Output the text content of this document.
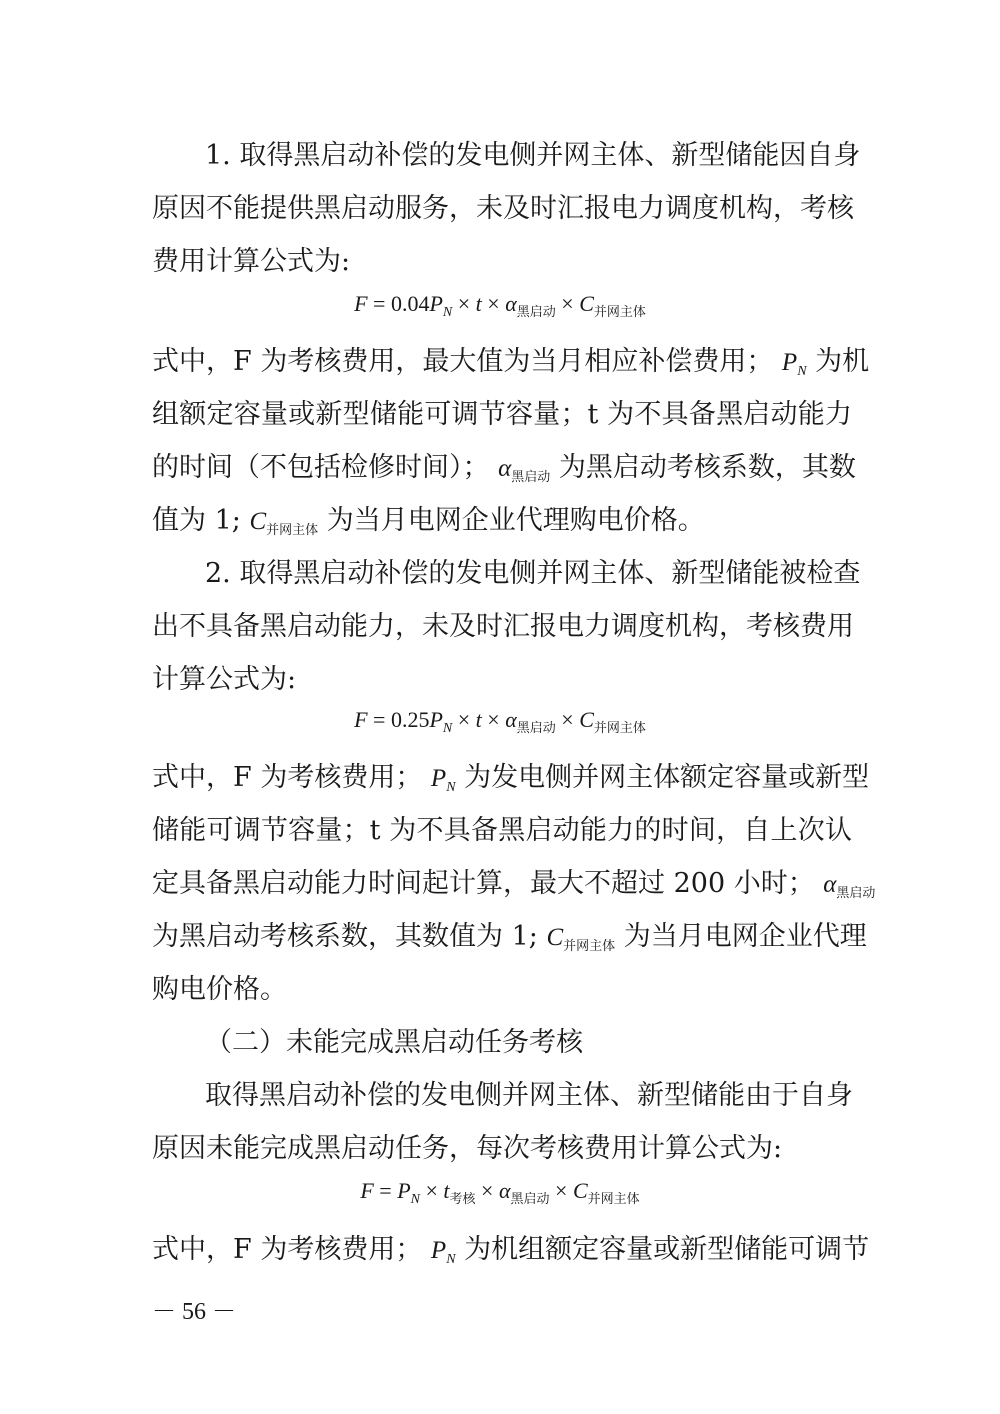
1. 取得黑启动补偿的发电侧并网主体、新型储能因自身
原因不能提供黑启动服务，未及时汇报电力调度机构，考核
费用计算公式为:
$F = 0.04P_N \times t \times \alpha_{黑启动} \times C_{并网主体}$
式中，F 为考核费用，最大值为当月相应补偿费用； $P_N$ 为机
组额定容量或新型储能可调节容量；t 为不具备黑启动能力
的时间（不包括检修时间）； $\alpha_{黑启动}$ 为黑启动考核系数，其数
值为 1; $C_{并网主体}$ 为当月电网企业代理购电价格。
2. 取得黑启动补偿的发电侧并网主体、新型储能被检查
出不具备黑启动能力，未及时汇报电力调度机构，考核费用
计算公式为:
$F = 0.25P_N \times t \times \alpha_{黑启动} \times C_{并网主体}$
式中，F 为考核费用； $P_N$ 为发电侧并网主体额定容量或新型
储能可调节容量；t 为不具备黑启动能力的时间，自上次认
定具备黑启动能力时间起计算，最大不超过 200 小时； $\alpha_{黑启动}$
为黑启动考核系数，其数值为 1; $C_{并网主体}$ 为当月电网企业代理
购电价格。
（二）未能完成黑启动任务考核
取得黑启动补偿的发电侧并网主体、新型储能由于自身
原因未能完成黑启动任务，每次考核费用计算公式为:
$F = P_N \times t_{考核} \times \alpha_{黑启动} \times C_{并网主体}$
式中，F 为考核费用； $P_N$ 为机组额定容量或新型储能可调节
－ 56 －
